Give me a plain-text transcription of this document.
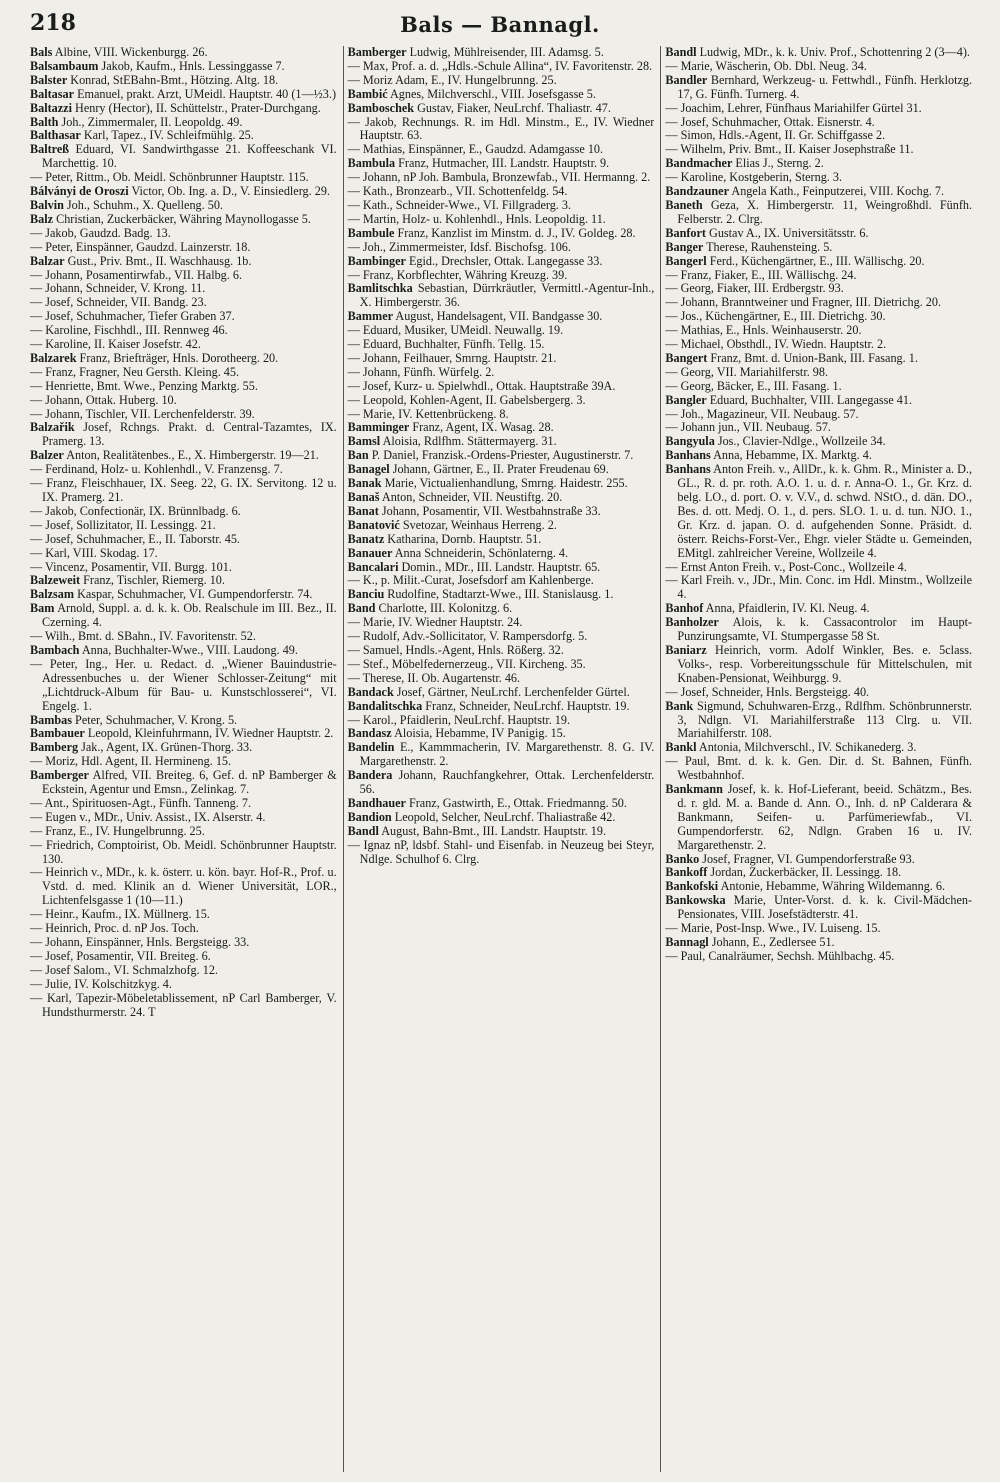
218	Bals — Bannagl.

Bals Albine, VIII. Wickenburgg. 26.

Balsambaum Jakob, Kaufm., Hnls. Lessinggasse 7.

Balster Konrad, StEBahn-Bmt., Hötzing. Altg. 18.

Baltasar Emanuel, prakt. Arzt, UMeidl. Hauptstr. 40 (1—½3.)

Baltazzi Henry (Hector), II. Schüttelstr., Prater-Durchgang.

Balth Joh., Zimmermaler, II. Leopoldg. 49.

Balthasar Karl, Tapez., IV. Schleifmühlg. 25.

Baltreß Eduard, VI. Sandwirthgasse 21. Koffeeschank VI. Marchettig. 10.

— Peter, Rittm., Ob. Meidl. Schönbrunner Hauptstr. 115.

Bálványi de Oroszi Victor, Ob. Ing. a. D., V. Einsiedlerg. 29.

Balvin Joh., Schuhm., X. Quelleng. 50.

Balz Christian, Zuckerbäcker, Währing Maynollogasse 5.

— Jakob, Gaudzd. Badg. 13.

— Peter, Einspänner, Gaudzd. Lainzerstr. 18.

Balzar Gust., Priv. Bmt., II. Waschhausg. 1b.

— Johann, Posamentirwfab., VII. Halbg. 6.

— Johann, Schneider, V. Krong. 11.

— Josef, Schneider, VII. Bandg. 23.

— Josef, Schuhmacher, Tiefer Graben 37.

— Karoline, Fischhdl., III. Rennweg 46.

— Karoline, II. Kaiser Josefstr. 42.

Balzarek Franz, Briefträger, Hnls. Dorotheerg. 20.

— Franz, Fragner, Neu Gersth. Kleing. 45.

— Henriette, Bmt. Wwe., Penzing Marktg. 55.

— Johann, Ottak. Huberg. 10.

— Johann, Tischler, VII. Lerchenfelderstr. 39.

Balzařik Josef, Rchngs. Prakt. d. Central-Tazamtes, IX. Pramerg. 13.

Balzer Anton, Realitätenbes., E., X. Himbergerstr. 19—21.

— Ferdinand, Holz- u. Kohlenhdl., V. Franzensg. 7.

— Franz, Fleischhauer, IX. Seeg. 22, G. IX. Servitong. 12 u. IX. Pramerg. 21.

— Jakob, Confectionär, IX. Brünnlbadg. 6.

— Josef, Sollizitator, II. Lessingg. 21.

— Josef, Schuhmacher, E., II. Taborstr. 45.

— Karl, VIII. Skodag. 17.

— Vincenz, Posamentir, VII. Burgg. 101.

Balzeweit Franz, Tischler, Riemerg. 10.

Balzsam Kaspar, Schuhmacher, VI. Gumpendorferstr. 74.

Bam Arnold, Suppl. a. d. k. k. Ob. Realschule im III. Bez., II. Czerning. 4.

— Wilh., Bmt. d. SBahn., IV. Favoritenstr. 52.

Bambach Anna, Buchhalter-Wwe., VIII. Laudong. 49.

— Peter, Ing., Her. u. Redact. d. „Wiener Bauindustrie-Adressenbuches u. der Wiener Schlosser-Zeitung“ mit „Lichtdruck-Album für Bau- u. Kunstschlosserei“, VI. Engelg. 1.

Bambas Peter, Schuhmacher, V. Krong. 5.

Bambauer Leopold, Kleinfuhrmann, IV. Wiedner Hauptstr. 2.

Bamberg Jak., Agent, IX. Grünen-Thorg. 33.

— Moriz, Hdl. Agent, II. Hermineng. 15.

Bamberger Alfred, VII. Breiteg. 6, Gef. d. nP Bamberger & Eckstein, Agentur und Emsn., Zelinkag. 7.

— Ant., Spirituosen-Agt., Fünfh. Tanneng. 7.

— Eugen v., MDr., Univ. Assist., IX. Alserstr. 4.

— Franz, E., IV. Hungelbrunng. 25.

— Friedrich, Comptoirist, Ob. Meidl. Schönbrunner Hauptstr. 130.

— Heinrich v., MDr., k. k. österr. u. kön. bayr. Hof-R., Prof. u. Vstd. d. med. Klinik an d. Wiener Universität, LOR., Lichtenfelsgasse 1 (10—11.)

— Heinr., Kaufm., IX. Müllnerg. 15.

— Heinrich, Proc. d. nP Jos. Toch.

— Johann, Einspänner, Hnls. Bergsteigg. 33.

— Josef, Posamentir, VII. Breiteg. 6.

— Josef Salom., VI. Schmalzhofg. 12.

— Julie, IV. Kolschitzkyg. 4.

— Karl, Tapezir-Möbeletablissement, nP Carl Bamberger, V. Hundsthurmerstr. 24. T

Bamberger Ludwig, Mühlreisender, III. Adamsg. 5.

— Max, Prof. a. d. „Hdls.-Schule Allina“, IV. Favoritenstr. 28.

— Moriz Adam, E., IV. Hungelbrunng. 25.

Bambić Agnes, Milchverschl., VIII. Josefsgasse 5.

Bamboschek Gustav, Fiaker, NeuLrchf. Thaliastr. 47.

— Jakob, Rechnungs. R. im Hdl. Minstm., E., IV. Wiedner Hauptstr. 63.

— Mathias, Einspänner, E., Gaudzd. Adamgasse 10.

Bambula Franz, Hutmacher, III. Landstr. Hauptstr. 9.

— Johann, nP Joh. Bambula, Bronzewfab., VII. Hermanng. 2.

— Kath., Bronzearb., VII. Schottenfeldg. 54.

— Kath., Schneider-Wwe., VI. Fillgraderg. 3.

— Martin, Holz- u. Kohlenhdl., Hnls. Leopoldig. 11.

Bambule Franz, Kanzlist im Minstm. d. J., IV. Goldeg. 28.

— Joh., Zimmermeister, Idsf. Bischofsg. 106.

Bambinger Egid., Drechsler, Ottak. Langegasse 33.

— Franz, Korbflechter, Währing Kreuzg. 39.

Bamlitschka Sebastian, Dürrkräutler, Vermittl.-Agentur-Inh., X. Himbergerstr. 36.

Bammer August, Handelsagent, VII. Bandgasse 30.

— Eduard, Musiker, UMeidl. Neuwallg. 19.

— Eduard, Buchhalter, Fünfh. Tellg. 15.

— Johann, Feilhauer, Smrng. Hauptstr. 21.

— Johann, Fünfh. Würfelg. 2.

— Josef, Kurz- u. Spielwhdl., Ottak. Hauptstraße 39A.

— Leopold, Kohlen-Agent, II. Gabelsbergerg. 3.

— Marie, IV. Kettenbrückeng. 8.

Bamminger Franz, Agent, IX. Wasag. 28.

Bamsl Aloisia, Rdlfhm. Stättermayerg. 31.

Ban P. Daniel, Franzisk.-Ordens-Priester, Augustinerstr. 7.

Banagel Johann, Gärtner, E., II. Prater Freudenau 69.

Banak Marie, Victualienhandlung, Smrng. Haidestr. 255.

Banaš Anton, Schneider, VII. Neustiftg. 20.

Banat Johann, Posamentir, VII. Westbahnstraße 33.

Banatović Svetozar, Weinhaus Herreng. 2.

Banatz Katharina, Dornb. Hauptstr. 51.

Banauer Anna Schneiderin, Schönlaterng. 4.

Bancalari Domin., MDr., III. Landstr. Hauptstr. 65.

— K., p. Milit.-Curat, Josefsdorf am Kahlenberge.

Banciu Rudolfine, Stadtarzt-Wwe., III. Stanislausg. 1.

Band Charlotte, III. Kolonitzg. 6.

— Marie, IV. Wiedner Hauptstr. 24.

— Rudolf, Adv.-Sollicitator, V. Rampersdorfg. 5.

— Samuel, Hndls.-Agent, Hnls. Rößerg. 32.

— Stef., Möbelfedernerzeug., VII. Kircheng. 35.

— Therese, II. Ob. Augartenstr. 46.

Bandack Josef, Gärtner, NeuLrchf. Lerchenfelder Gürtel.

Bandalitschka Franz, Schneider, NeuLrchf. Hauptstr. 19.

— Karol., Pfaidlerin, NeuLrchf. Hauptstr. 19.

Bandasz Aloisia, Hebamme, IV Panigig. 15.

Bandelin E., Kammmacherin, IV. Margarethenstr. 8. G. IV. Margarethenstr. 2.

Bandera Johann, Rauchfangkehrer, Ottak. Lerchenfelderstr. 56.

Bandhauer Franz, Gastwirth, E., Ottak. Friedmanng. 50.

Bandion Leopold, Selcher, NeuLrchf. Thaliastraße 42.

Bandl August, Bahn-Bmt., III. Landstr. Hauptstr. 19.

— Ignaz nP, ldsbf. Stahl- und Eisenfab. in Neuzeug bei Steyr, Ndlge. Schulhof 6. Clrg.

Bandl Ludwig, MDr., k. k. Univ. Prof., Schottenring 2 (3—4).

— Marie, Wäscherin, Ob. Dbl. Neug. 34.

Bandler Bernhard, Werkzeug- u. Fettwhdl., Fünfh. Herklotzg. 17, G. Fünfh. Turnerg. 4.

— Joachim, Lehrer, Fünfhaus Mariahilfer Gürtel 31.

— Josef, Schuhmacher, Ottak. Eisnerstr. 4.

— Simon, Hdls.-Agent, II. Gr. Schiffgasse 2.

— Wilhelm, Priv. Bmt., II. Kaiser Josephstraße 11.

Bandmacher Elias J., Sterng. 2.

— Karoline, Kostgeberin, Sterng. 3.

Bandzauner Angela Kath., Feinputzerei, VIII. Kochg. 7.

Baneth Geza, X. Himbergerstr. 11, Weingroßhdl. Fünfh. Felberstr. 2. Clrg.

Banfort Gustav A., IX. Universitätsstr. 6.

Banger Therese, Rauhensteing. 5.

Bangerl Ferd., Küchengärtner, E., III. Wällischg. 20.

— Franz, Fiaker, E., III. Wällischg. 24.

— Georg, Fiaker, III. Erdbergstr. 93.

— Johann, Branntweiner und Fragner, III. Dietrichg. 20.

— Jos., Küchengärtner, E., III. Dietrichg. 30.

— Mathias, E., Hnls. Weinhauserstr. 20.

— Michael, Obsthdl., IV. Wiedn. Hauptstr. 2.

Bangert Franz, Bmt. d. Union-Bank, III. Fasang. 1.

— Georg, VII. Mariahilferstr. 98.

— Georg, Bäcker, E., III. Fasang. 1.

Bangler Eduard, Buchhalter, VIII. Langegasse 41.

— Joh., Magazineur, VII. Neubaug. 57.

— Johann jun., VII. Neubaug. 57.

Bangyula Jos., Clavier-Ndlge., Wollzeile 34.

Banhans Anna, Hebamme, IX. Marktg. 4.

Banhans Anton Freih. v., AllDr., k. k. Ghm. R., Minister a. D., GL., R. d. pr. roth. A.O. 1. u. d. r. Anna-O. 1., Gr. Krz. d. belg. LO., d. port. O. v. V.V., d. schwd. NStO., d. dän. DO., Bes. d. ott. Medj. O. 1., d. pers. SLO. 1. u. d. tun. NJO. 1., Gr. Krz. d. japan. O. d. aufgehenden Sonne. Präsidt. d. österr. Reichs-Forst-Ver., Ehgr. vieler Städte u. Gemeinden, EMitgl. zahlreicher Vereine, Wollzeile 4.

— Ernst Anton Freih. v., Post-Conc., Wollzeile 4.

— Karl Freih. v., JDr., Min. Conc. im Hdl. Minstm., Wollzeile 4.

Banhof Anna, Pfaidlerin, IV. Kl. Neug. 4.

Banholzer Alois, k. k. Cassacontrolor im Haupt-Punzirungsamte, VI. Stumpergasse 58 St.

Baniarz Heinrich, vorm. Adolf Winkler, Bes. e. 5class. Volks-, resp. Vorbereitungsschule für Mittelschulen, mit Knaben-Pensionat, Weihburgg. 9.

— Josef, Schneider, Hnls. Bergsteigg. 40.

Bank Sigmund, Schuhwaren-Erzg., Rdlfhm. Schönbrunnerstr. 3, Ndlgn. VI. Mariahilferstraße 113 Clrg. u. VII. Mariahilferstr. 108.

Bankl Antonia, Milchverschl., IV. Schikanederg. 3.

— Paul, Bmt. d. k. k. Gen. Dir. d. St. Bahnen, Fünfh. Westbahnhof.

Bankmann Josef, k. k. Hof-Lieferant, beeid. Schätzm., Bes. d. r. gld. M. a. Bande d. Ann. O., Inh. d. nP Calderara & Bankmann, Seifen- u. Parfümeriewfab., VI. Gumpendorferstr. 62, Ndlgn. Graben 16 u. IV. Margarethenstr. 2.

Banko Josef, Fragner, VI. Gumpendorferstraße 93.

Bankoff Jordan, Zuckerbäcker, II. Lessingg. 18.

Bankofski Antonie, Hebamme, Währing Wildemanng. 6.

Bankowska Marie, Unter-Vorst. d. k. k. Civil-Mädchen-Pensionates, VIII. Josefstädterstr. 41.

— Marie, Post-Insp. Wwe., IV. Luiseng. 15.

Bannagl Johann, E., Zedlersee 51.

— Paul, Canalräumer, Sechsh. Mühlbachg. 45.
